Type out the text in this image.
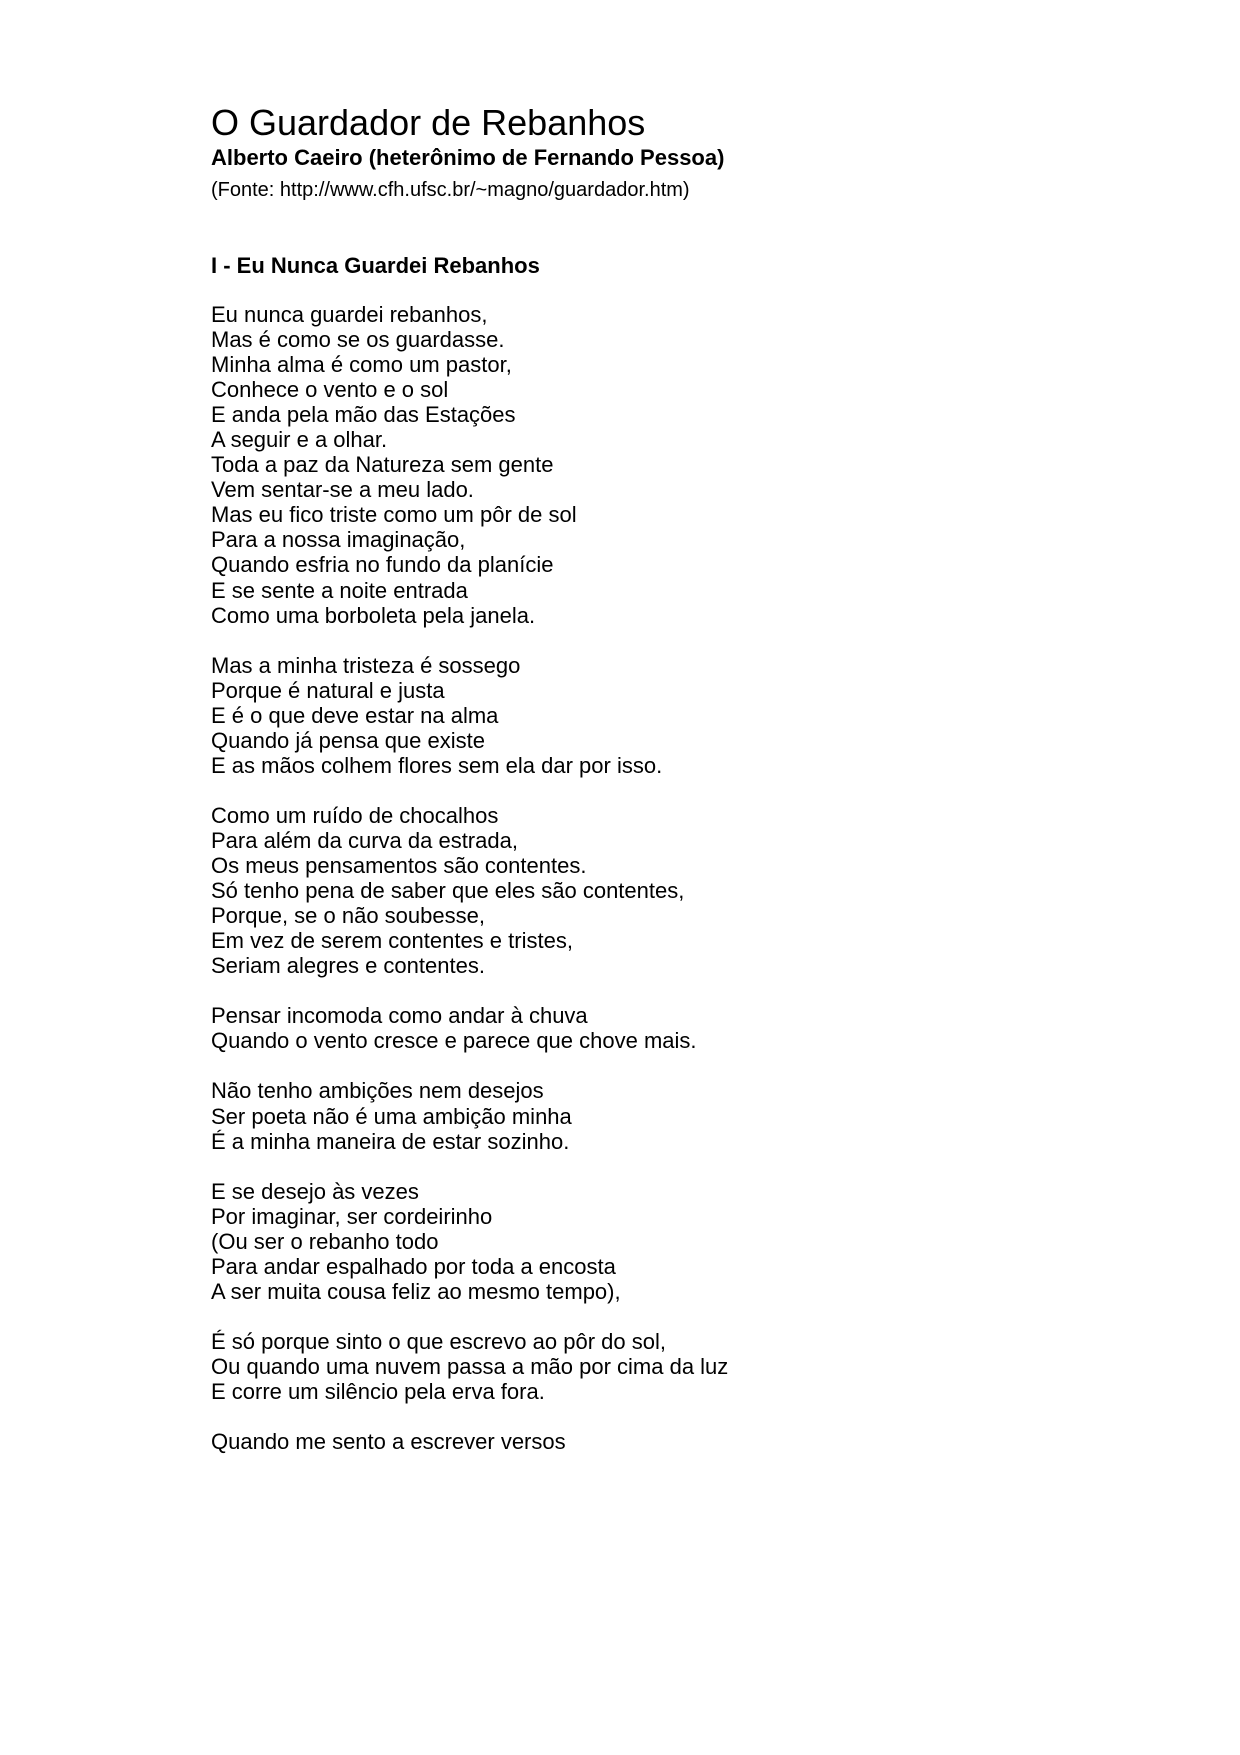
O Guardador de Rebanhos
Alberto Caeiro (heterônimo de Fernando Pessoa)
(Fonte: http://www.cfh.ufsc.br/~magno/guardador.htm)
I - Eu Nunca Guardei Rebanhos
Eu nunca guardei rebanhos,
Mas é como se os guardasse.
Minha alma é como um pastor,
Conhece o vento e o sol
E anda pela mão das Estações
A seguir e a olhar.
Toda a paz da Natureza sem gente
Vem sentar-se a meu lado.
Mas eu fico triste como um pôr de sol
Para a nossa imaginação,
Quando esfria no fundo da planície
E se sente a noite entrada
Como uma borboleta pela janela.
Mas a minha tristeza é sossego
Porque é natural e justa
E é o que deve estar na alma
Quando já pensa que existe
E as mãos colhem flores sem ela dar por isso.
Como um ruído de chocalhos
Para além da curva da estrada,
Os meus pensamentos são contentes.
Só tenho pena de saber que eles são contentes,
Porque, se o não soubesse,
Em vez de serem contentes e tristes,
Seriam alegres e contentes.
Pensar incomoda como andar à chuva
Quando o vento cresce e parece que chove mais.
Não tenho ambições nem desejos
Ser poeta não é uma ambição minha
É a minha maneira de estar sozinho.
E se desejo às vezes
Por imaginar, ser cordeirinho
(Ou ser o rebanho todo
Para andar espalhado por toda a encosta
A ser muita cousa feliz ao mesmo tempo),
É só porque sinto o que escrevo ao pôr do sol,
Ou quando uma nuvem passa a mão por cima da luz
E corre um silêncio pela erva fora.
Quando me sento a escrever versos
